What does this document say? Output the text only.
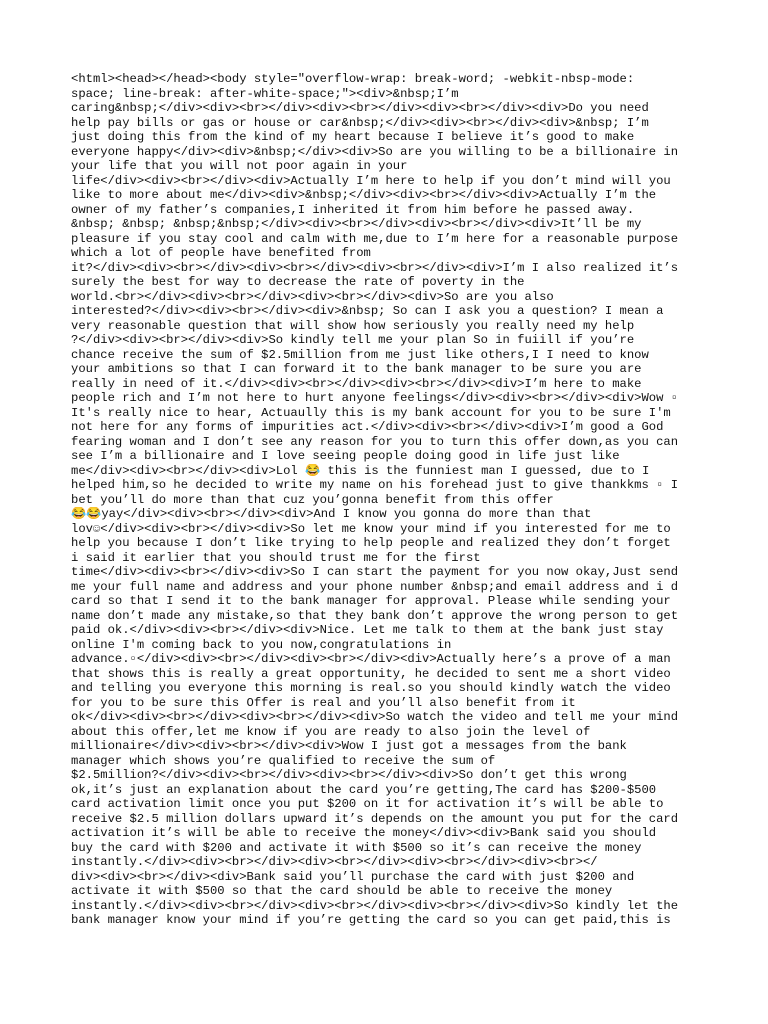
<html><head></head><body style="overflow-wrap: break-word; -webkit-nbsp-mode:
space; line-break: after-white-space;"><div>&nbsp;I’m
caring&nbsp;</div><div><br></div><div><br></div><div><br></div><div>Do you need
help pay bills or gas or house or car&nbsp;</div><div><br></div><div>&nbsp; I’m
just doing this from the kind of my heart because I believe it’s good to make
everyone happy</div><div>&nbsp;</div><div>So are you willing to be a billionaire in
your life that you will not poor again in your
life</div><div><br></div><div>Actually I’m here to help if you don’t mind will you
like to more about me</div><div>&nbsp;</div><div><br></div><div>Actually I’m the
owner of my father’s companies,I inherited it from him before he passed away.
&nbsp; &nbsp; &nbsp;&nbsp;</div><div><br></div><div><br></div><div>It’ll be my
pleasure if you stay cool and calm with me,due to I’m here for a reasonable purpose
which a lot of people have benefited from
it?</div><div><br></div><div><br></div><div><br></div><div>I’m I also realized it’s
surely the best for way to decrease the rate of poverty in the
world.<br></div><div><br></div><div><br></div><div>So are you also
interested?</div><div><br></div><div>&nbsp; So can I ask you a question? I mean a
very reasonable question that will show how seriously you really need my help
?</div><div><br></div><div>So kindly tell me your plan So in fuiill if you’re
chance receive the sum of $2.5million from me just like others,I I need to know
your ambitions so that I can forward it to the bank manager to be sure you are
really in need of it.</div><div><br></div><div><br></div><div>I’m here to make
people rich and I’m not here to hurt anyone feelings</div><div><br></div><div>Wow ▫
It's really nice to hear, Actuaully this is my bank account for you to be sure I'm
not here for any forms of impurities act.</div><div><br></div><div>I’m good a God
fearing woman and I don’t see any reason for you to turn this offer down,as you can
see I’m a billionaire and I love seeing people doing good in life just like
me</div><div><br></div><div>Lol 😂 this is the funniest man I guessed, due to I
helped him,so he decided to write my name on his forehead just to give thankkms ▫ I
bet you’ll do more than that cuz you’gonna benefit from this offer
😂😂yay</div><div><br></div><div>And I know you gonna do more than that
lov☺</div><div><br></div><div>So let me know your mind if you interested for me to
help you because I don’t like trying to help people and realized they don’t forget
i said it earlier that you should trust me for the first
time</div><div><br></div><div>So I can start the payment for you now okay,Just send
me your full name and address and your phone number &nbsp;and email address and i d
card so that I send it to the bank manager for approval. Please while sending your
name don’t made any mistake,so that they bank don’t approve the wrong person to get
paid ok.</div><div><br></div><div>Nice. Let me talk to them at the bank just stay
online I'm coming back to you now,congratulations in
advance.▫</div><div><br></div><div><br></div><div>Actually here’s a prove of a man
that shows this is really a great opportunity, he decided to sent me a short video
and telling you everyone this morning is real.so you should kindly watch the video
for you to be sure this Offer is real and you’ll also benefit from it
ok</div><div><br></div><div><br></div><div>So watch the video and tell me your mind
about this offer,let me know if you are ready to also join the level of
millionaire</div><div><br></div><div>Wow I just got a messages from the bank
manager which shows you’re qualified to receive the sum of
$2.5million?</div><div><br></div><div><br></div><div>So don’t get this wrong
ok,it’s just an explanation about the card you’re getting,The card has $200-$500
card activation limit once you put $200 on it for activation it’s will be able to
receive $2.5 million dollars upward it’s depends on the amount you put for the card
activation it’s will be able to receive the money</div><div>Bank said you should
buy the card with $200 and activate it with $500 so it’s can receive the money
instantly.</div><div><br></div><div><br></div><div><br></div><div><br></
div><div><br></div><div>Bank said you’ll purchase the card with just $200 and
activate it with $500 so that the card should be able to receive the money
instantly.</div><div><br></div><div><br></div><div><br></div><div>So kindly let the
bank manager know your mind if you’re getting the card so you can get paid,this is
